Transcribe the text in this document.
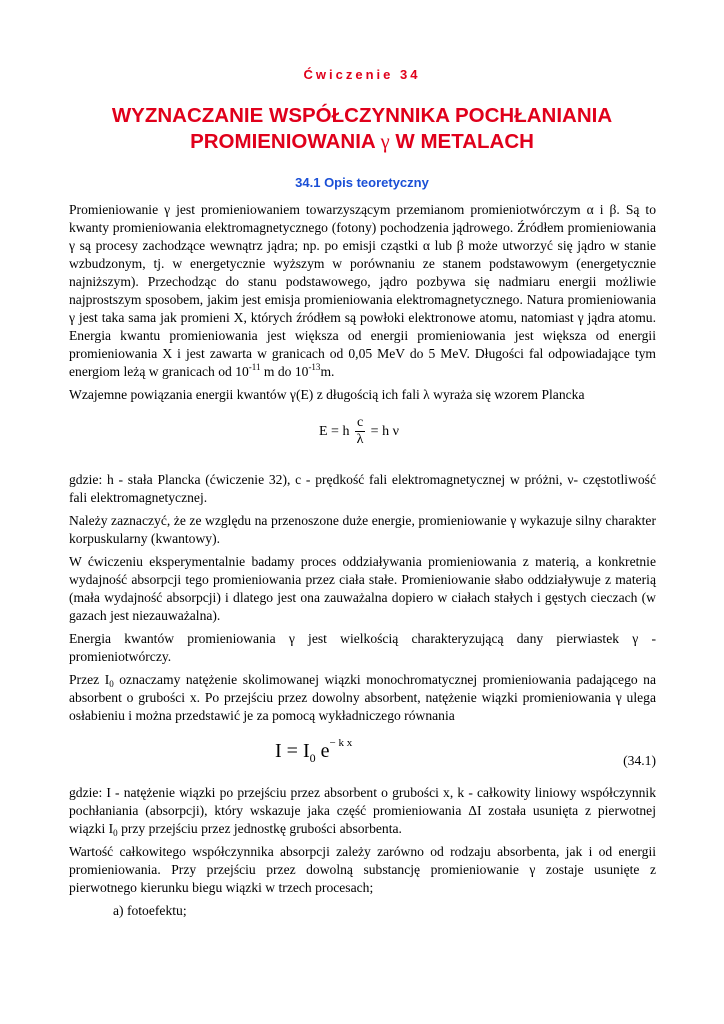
Ćwiczenie 34
WYZNACZANIE WSPÓŁCZYNNIKA POCHŁANIANIA
PROMIENIOWANIA γ W METALACH
34.1 Opis teoretyczny

Promieniowanie γ jest promieniowaniem towarzyszącym przemianom promieniotwórczym α i β. Są to kwanty promieniowania elektromagnetycznego (fotony) pochodzenia jądrowego. Źródłem promieniowania γ są procesy zachodzące wewnątrz jądra; np. po emisji cząstki α lub β może utworzyć się jądro w stanie wzbudzonym, tj. w energetycznie wyższym w porównaniu ze stanem podstawowym (energetycznie najniższym). Przechodząc do stanu podstawowego, jądro pozbywa się nadmiaru energii możliwie najprostszym sposobem, jakim jest emisja promieniowania elektromagnetycznego. Natura promieniowania γ jest taka sama jak promieni X, których źródłem są powłoki elektronowe atomu, natomiast γ jądra atomu. Energia kwantu promieniowania jest większa od energii promieniowania jest większa od energii promieniowania X i jest zawarta w granicach od 0,05 MeV do 5 MeV. Długości fal odpowiadające tym energiom leżą w granicach od $10^{-11}$ m do $10^{-13}m$.

Wzajemne powiązania energii kwantów γ(E) z długością ich fali λ wyraża się wzorem Plancka

E = h $\frac{c}{\lambda} = h$ ν

gdzie: h - stała Plancka (ćwiczenie 32), c - prędkość fali elektromagnetycznej w próżni, ν- częstotliwość fali elektromagnetycznej.

Należy zaznaczyć, że ze względu na przenoszone duże energie, promieniowanie γ wykazuje silny charakter korpuskularny (kwantowy).

W ćwiczeniu eksperymentalnie badamy proces oddziaływania promieniowania z materią, a konkretnie wydajność absorpcji tego promieniowania przez ciała stałe. Promieniowanie słabo oddziaływuje z materią (mała wydajność absorpcji) i dlatego jest ona zauważalna dopiero w ciałach stałych i gęstych cieczach (w gazach jest niezauważalna).

Energia kwantów promieniowania γ jest wielkością charakteryzującą dany pierwiastek γ - promieniotwórczy.

Przez $I_0$ oznaczamy natężenie skolimowanej wiązki monochromatycznej promieniowania padającego na absorbent o grubości x. Po przejściu przez dowolny absorbent, natężenie wiązki promieniowania γ ulega osłabieniu i można przedstawić je za pomocą wykładniczego równania

$I = I_0$ $e^{- k x}$
(34.1)

gdzie: I - natężenie wiązki po przejściu przez absorbent o grubości x, k - całkowity liniowy współczynnik pochłaniania (absorpcji), który wskazuje jaka część promieniowania ΔI została usunięta z pierwotnej wiązki $I_0$ przy przejściu przez jednostkę grubości absorbenta.

Wartość całkowitego współczynnika absorpcji zależy zarówno od rodzaju absorbenta, jak i od energii promieniowania. Przy przejściu przez dowolną substancję promieniowanie γ zostaje usunięte z pierwotnego kierunku biegu wiązki w trzech procesach;

a) fotoefektu;
